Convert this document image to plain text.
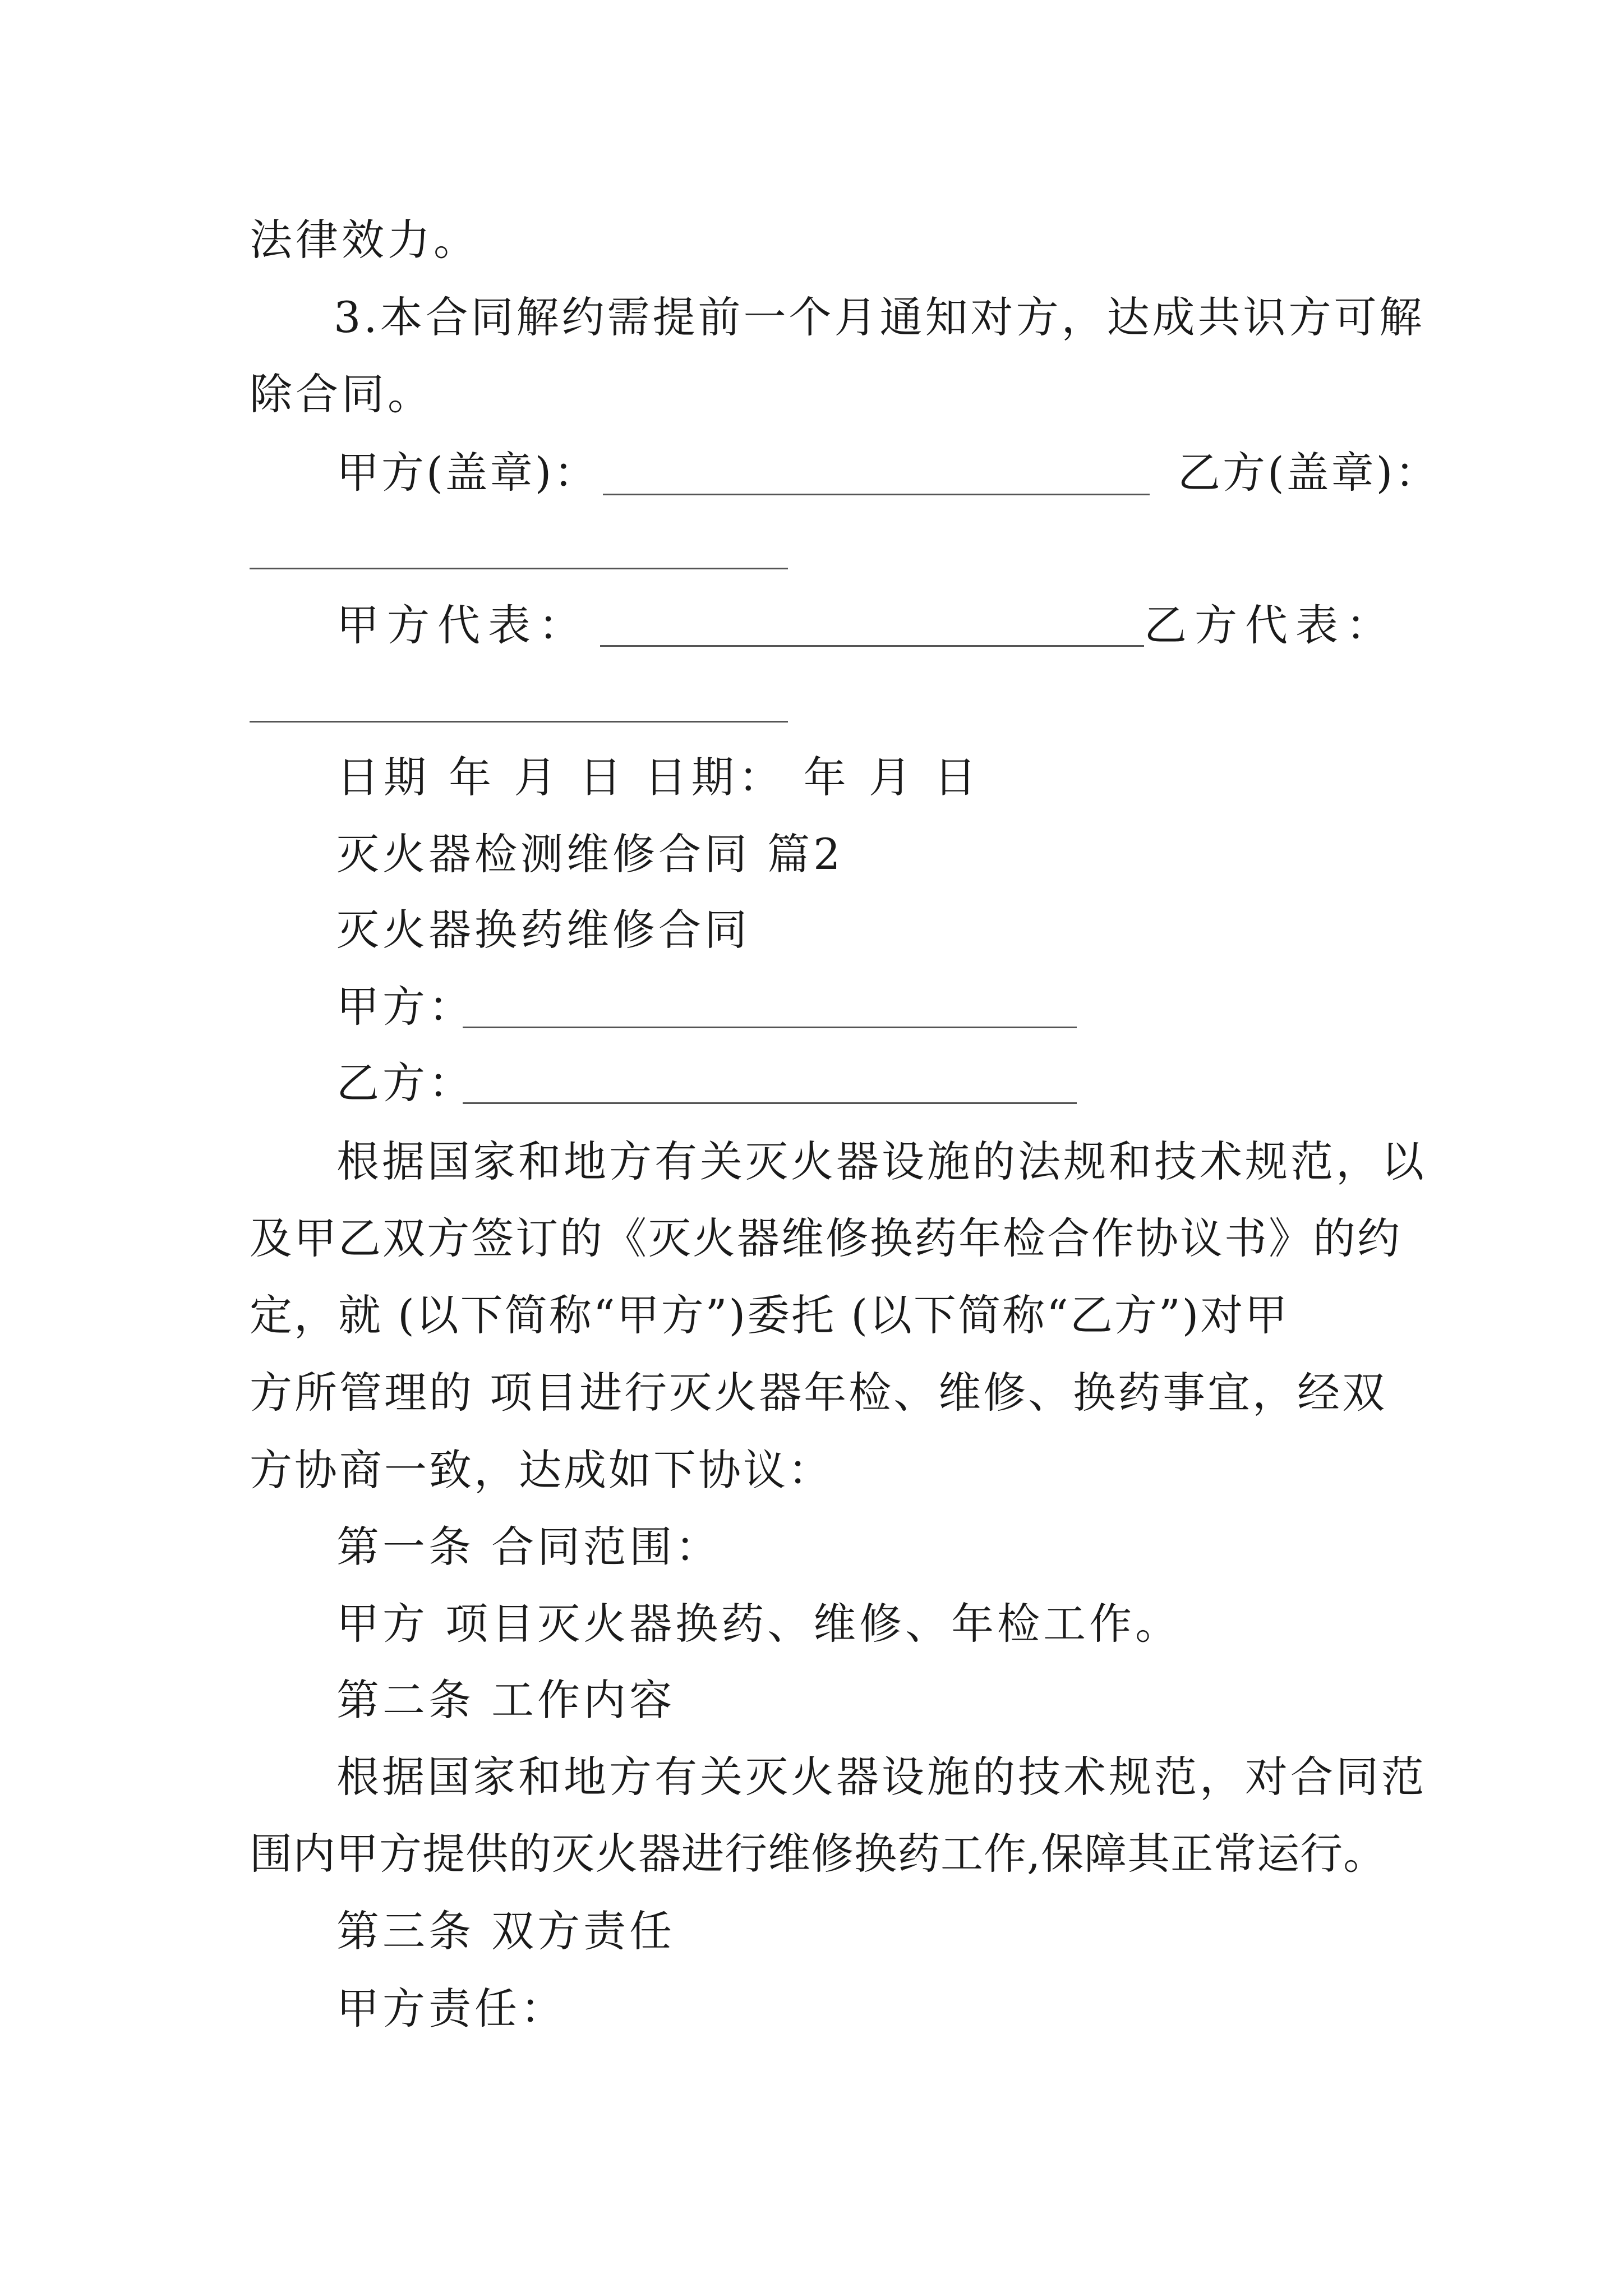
法律效力。
3.本合同解约需提前一个月通知对方，达成共识方可解
除合同。
甲方(盖章)：	乙方(盖章)：
甲方代表：	乙方代表：
日期 年 月 日 日期： 年 月 日
灭火器检测维修合同 篇2
灭火器换药维修合同
甲方：
乙方：
根据国家和地方有关灭火器设施的法规和技术规范，以
及甲乙双方签订的《灭火器维修换药年检合作协议书》的约
定，就 (以下简称“甲方”)委托 (以下简称“乙方”)对甲
方所管理的 项目进行灭火器年检、维修、换药事宜，经双
方协商一致，达成如下协议：
第一条 合同范围：
甲方 项目灭火器换药、维修、年检工作。
第二条 工作内容
根据国家和地方有关灭火器设施的技术规范，对合同范
围内甲方提供的灭火器进行维修换药工作,保障其正常运行。
第三条 双方责任
甲方责任：
